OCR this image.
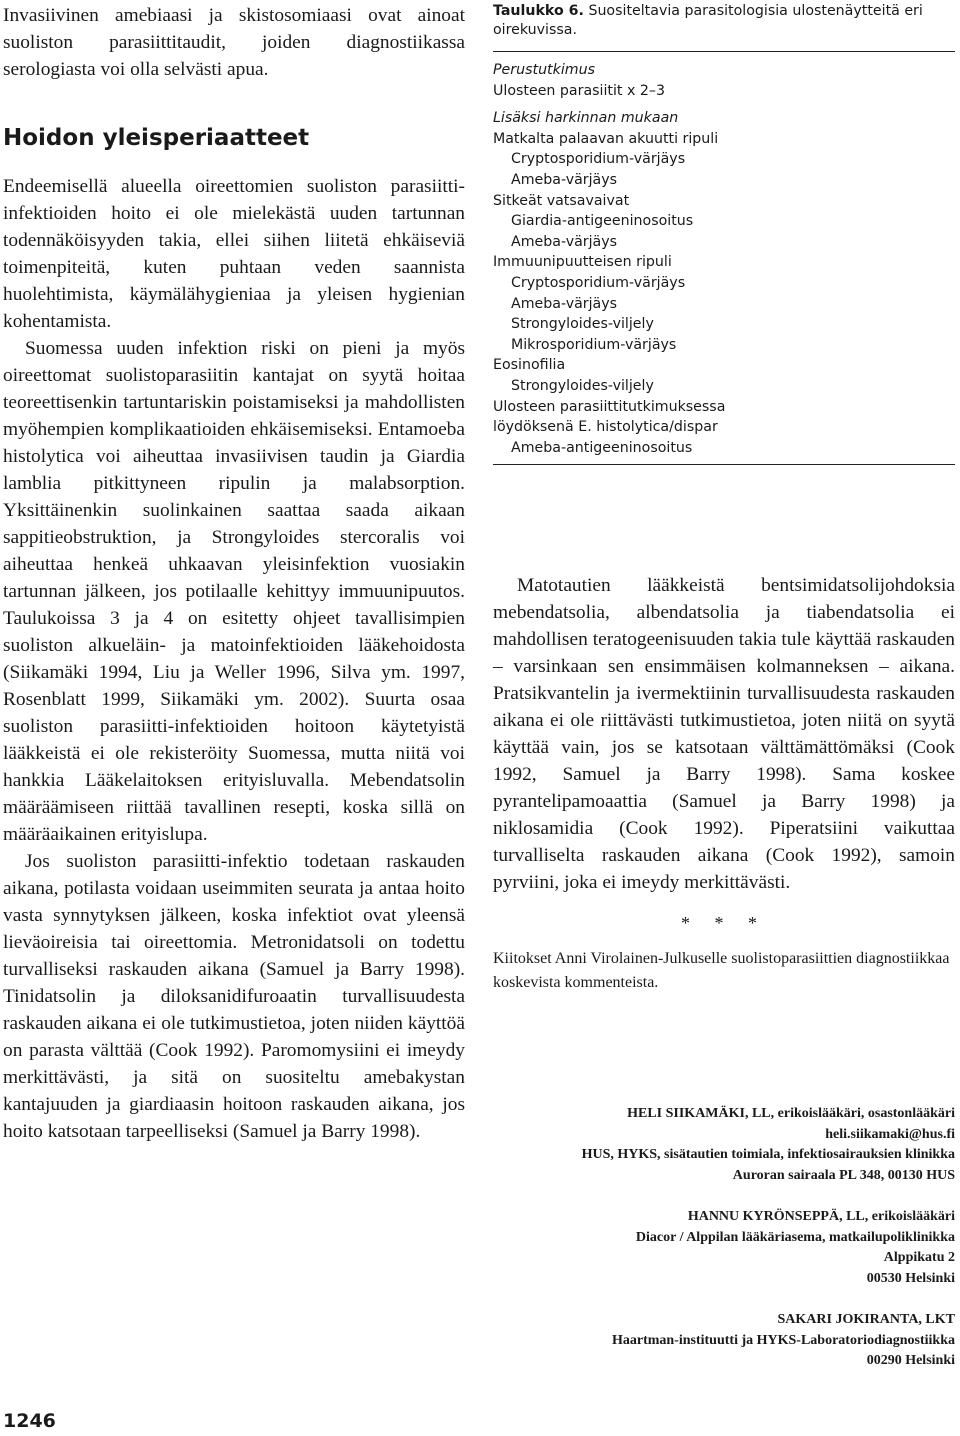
Invasiivinen amebiaasi ja skistosomiaasi ovat ainoat suoliston parasiittitaudit, joiden diagnostiikassa serologiasta voi olla selvästi apua.

Hoidon yleisperiaatteet

Endeemisellä alueella oireettomien suoliston parasiitti-infektioiden hoito ei ole mielekästä uuden tartunnan todennäköisyyden takia, ellei siihen liitetä ehkäiseviä toimenpiteitä, kuten puhtaan veden saannista huolehtimista, käymälähygieniaa ja yleisen hygienian kohentamista.

Suomessa uuden infektion riski on pieni ja myös oireettomat suolistoparasiitin kantajat on syytä hoitaa teoreettisenkin tartuntariskin poistamiseksi ja mahdollisten myöhempien komplikaatioiden ehkäisemiseksi. Entamoeba histolytica voi aiheuttaa invasiivisen taudin ja Giardia lamblia pitkittyneen ripulin ja malabsorption. Yksittäinenkin suolinkainen saattaa saada aikaan sappitieobstruktion, ja Strongyloides stercoralis voi aiheuttaa henkeä uhkaavan yleisinfektion vuosiakin tartunnan jälkeen, jos potilaalle kehittyy immuunipuutos. Taulukoissa 3 ja 4 on esitetty ohjeet tavallisimpien suoliston alkueläin- ja matoinfektioiden lääkehoidosta (Siikamäki 1994, Liu ja Weller 1996, Silva ym. 1997, Rosenblatt 1999, Siikamäki ym. 2002). Suurta osaa suoliston parasiitti-infektioiden hoitoon käytetyistä lääkkeistä ei ole rekisteröity Suomessa, mutta niitä voi hankkia Lääkelaitoksen erityisluvalla. Mebendatsolin määräämiseen riittää tavallinen resepti, koska sillä on määräaikainen erityislupa.

Jos suoliston parasiitti-infektio todetaan raskauden aikana, potilasta voidaan useimmiten seurata ja antaa hoito vasta synnytyksen jälkeen, koska infektiot ovat yleensä lieväoireisia tai oireettomia. Metronidatsoli on todettu turvalliseksi raskauden aikana (Samuel ja Barry 1998). Tinidatsolin ja diloksanidifuroaatin turvallisuudesta raskauden aikana ei ole tutkimustietoa, joten niiden käyttöä on parasta välttää (Cook 1992). Paromomysiini ei imeydy merkittävästi, ja sitä on suositeltu amebakystan kantajuuden ja giardiaasin hoitoon raskauden aikana, jos hoito katsotaan tarpeelliseksi (Samuel ja Barry 1998).

Taulukko 6. Suositeltavia parasitologisia ulostenäytteitä eri oirekuvissa.

Perustutkimus
Ulosteen parasiitit x 2–3
Lisäksi harkinnan mukaan
Matkalta palaavan akuutti ripuli
Cryptosporidium-värjäys
Ameba-värjäys
Sitkeät vatsavaivat
Giardia-antigeeninosoitus
Ameba-värjäys
Immuunipuutteisen ripuli
Cryptosporidium-värjäys
Ameba-värjäys
Strongyloides-viljely
Mikrosporidium-värjäys
Eosinofilia
Strongyloides-viljely
Ulosteen parasiittitutkimuksessa
löydöksenä E. histolytica/dispar
Ameba-antigeeninosoitus

Matotautien lääkkeistä bentsimidatsolijohdoksia mebendatsolia, albendatsolia ja tiabendatsolia ei mahdollisen teratogeenisuuden takia tule käyttää raskauden – varsinkaan sen ensimmäisen kolmanneksen – aikana. Pratsikvantelin ja ivermektiinin turvallisuudesta raskauden aikana ei ole riittävästi tutkimustietoa, joten niitä on syytä käyttää vain, jos se katsotaan välttämättömäksi (Cook 1992, Samuel ja Barry 1998). Sama koskee pyrantelipamoaattia (Samuel ja Barry 1998) ja niklosamidia (Cook 1992). Piperatsiini vaikuttaa turvalliselta raskauden aikana (Cook 1992), samoin pyrviini, joka ei imeydy merkittävästi.

* * *
Kiitokset Anni Virolainen-Julkuselle suolistoparasiittien diagnostiikkaa koskevista kommenteista.
HELI SIIKAMÄKI, LL, erikoislääkäri, osastonlääkäri
heli.siikamaki@hus.fi
HUS, HYKS, sisätautien toimiala, infektiosairauksien klinikka
Auroran sairaala PL 348, 00130 HUS
HANNU KYRÖNSEPPÄ, LL, erikoislääkäri
Diacor / Alppilan lääkäriasema, matkailupoliklinikka
Alppikatu 2
00530 Helsinki
SAKARI JOKIRANTA, LKT
Haartman-instituutti ja HYKS-Laboratoriodiagnostiikka
00290 Helsinki
1246
